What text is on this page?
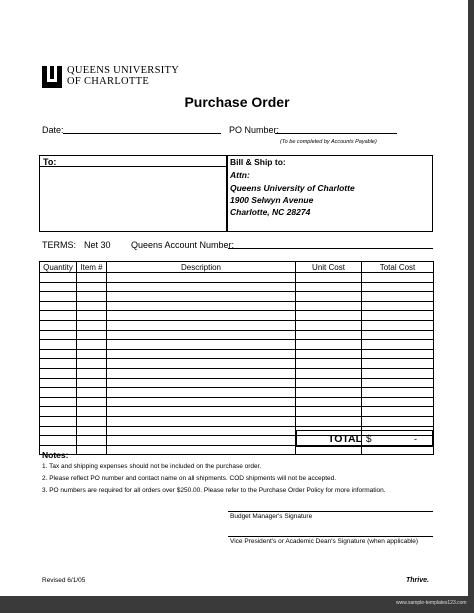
QUEENS UNIVERSITY
OF CHARLOTTE
Purchase Order
Date:	PO Number:
(To be completed by Accounts Payable)
To:	Bill & Ship to:
Attn:
Queens University of Charlotte
1900 Selwyn Avenue
Charlotte, NC 28274
TERMS: Net 30 Queens Account Number:
Quantity	Item #	Description	Unit Cost	Total Cost

TOTAL $	-
Notes:
1. Tax and shipping expenses should not be included on the purchase order.
2. Please reflect PO number and contact name on all shipments. COD shipments will not be accepted.
3. PO numbers are required for all orders over $250.00. Please refer to the Purchase Order Policy for more information.
Budget Manager's Signature
Vice President's or Academic Dean's Signature (when applicable)
Revised 6/1/05	Thrive.
www.sample-templates123.com
